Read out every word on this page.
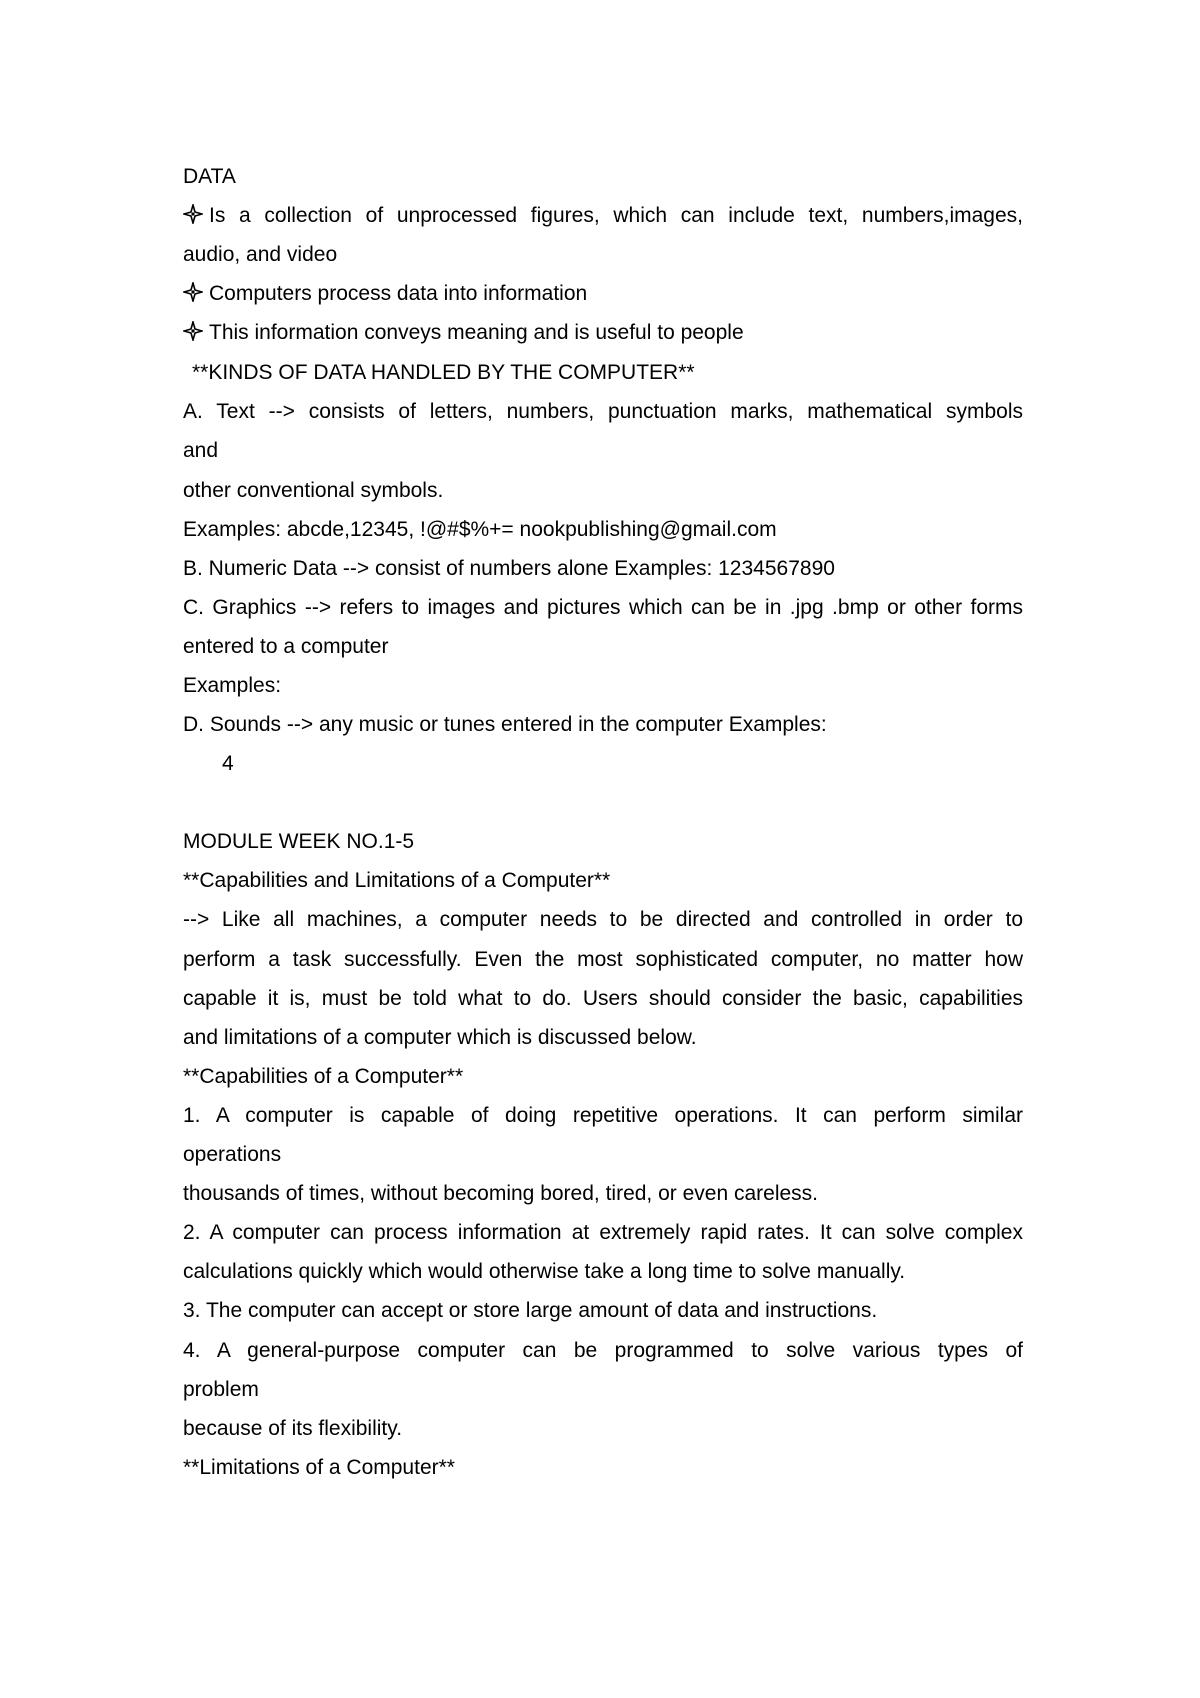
DATA
Is a collection of unprocessed figures, which can include text, numbers,images,
audio, and video
Computers process data into information
This information conveys meaning and is useful to people
**KINDS OF DATA HANDLED BY THE COMPUTER**
A. Text --> consists of letters, numbers, punctuation marks, mathematical symbols
and
other conventional symbols.
Examples: abcde,12345, !@#$%+= nookpublishing@gmail.com
B. Numeric Data --> consist of numbers alone Examples: 1234567890
C. Graphics --> refers to images and pictures which can be in .jpg .bmp or other forms
entered to a computer
Examples:
D. Sounds --> any music or tunes entered in the computer Examples:
4
MODULE WEEK NO.1-5
**Capabilities and Limitations of a Computer**
--> Like all machines, a computer needs to be directed and controlled in order to
perform a task successfully. Even the most sophisticated computer, no matter how
capable it is, must be told what to do. Users should consider the basic, capabilities
and limitations of a computer which is discussed below.
**Capabilities of a Computer**
1. A computer is capable of doing repetitive operations. It can perform similar
operations
thousands of times, without becoming bored, tired, or even careless.
2. A computer can process information at extremely rapid rates. It can solve complex
calculations quickly which would otherwise take a long time to solve manually.
3. The computer can accept or store large amount of data and instructions.
4. A general-purpose computer can be programmed to solve various types of
problem
because of its flexibility.
**Limitations of a Computer**
